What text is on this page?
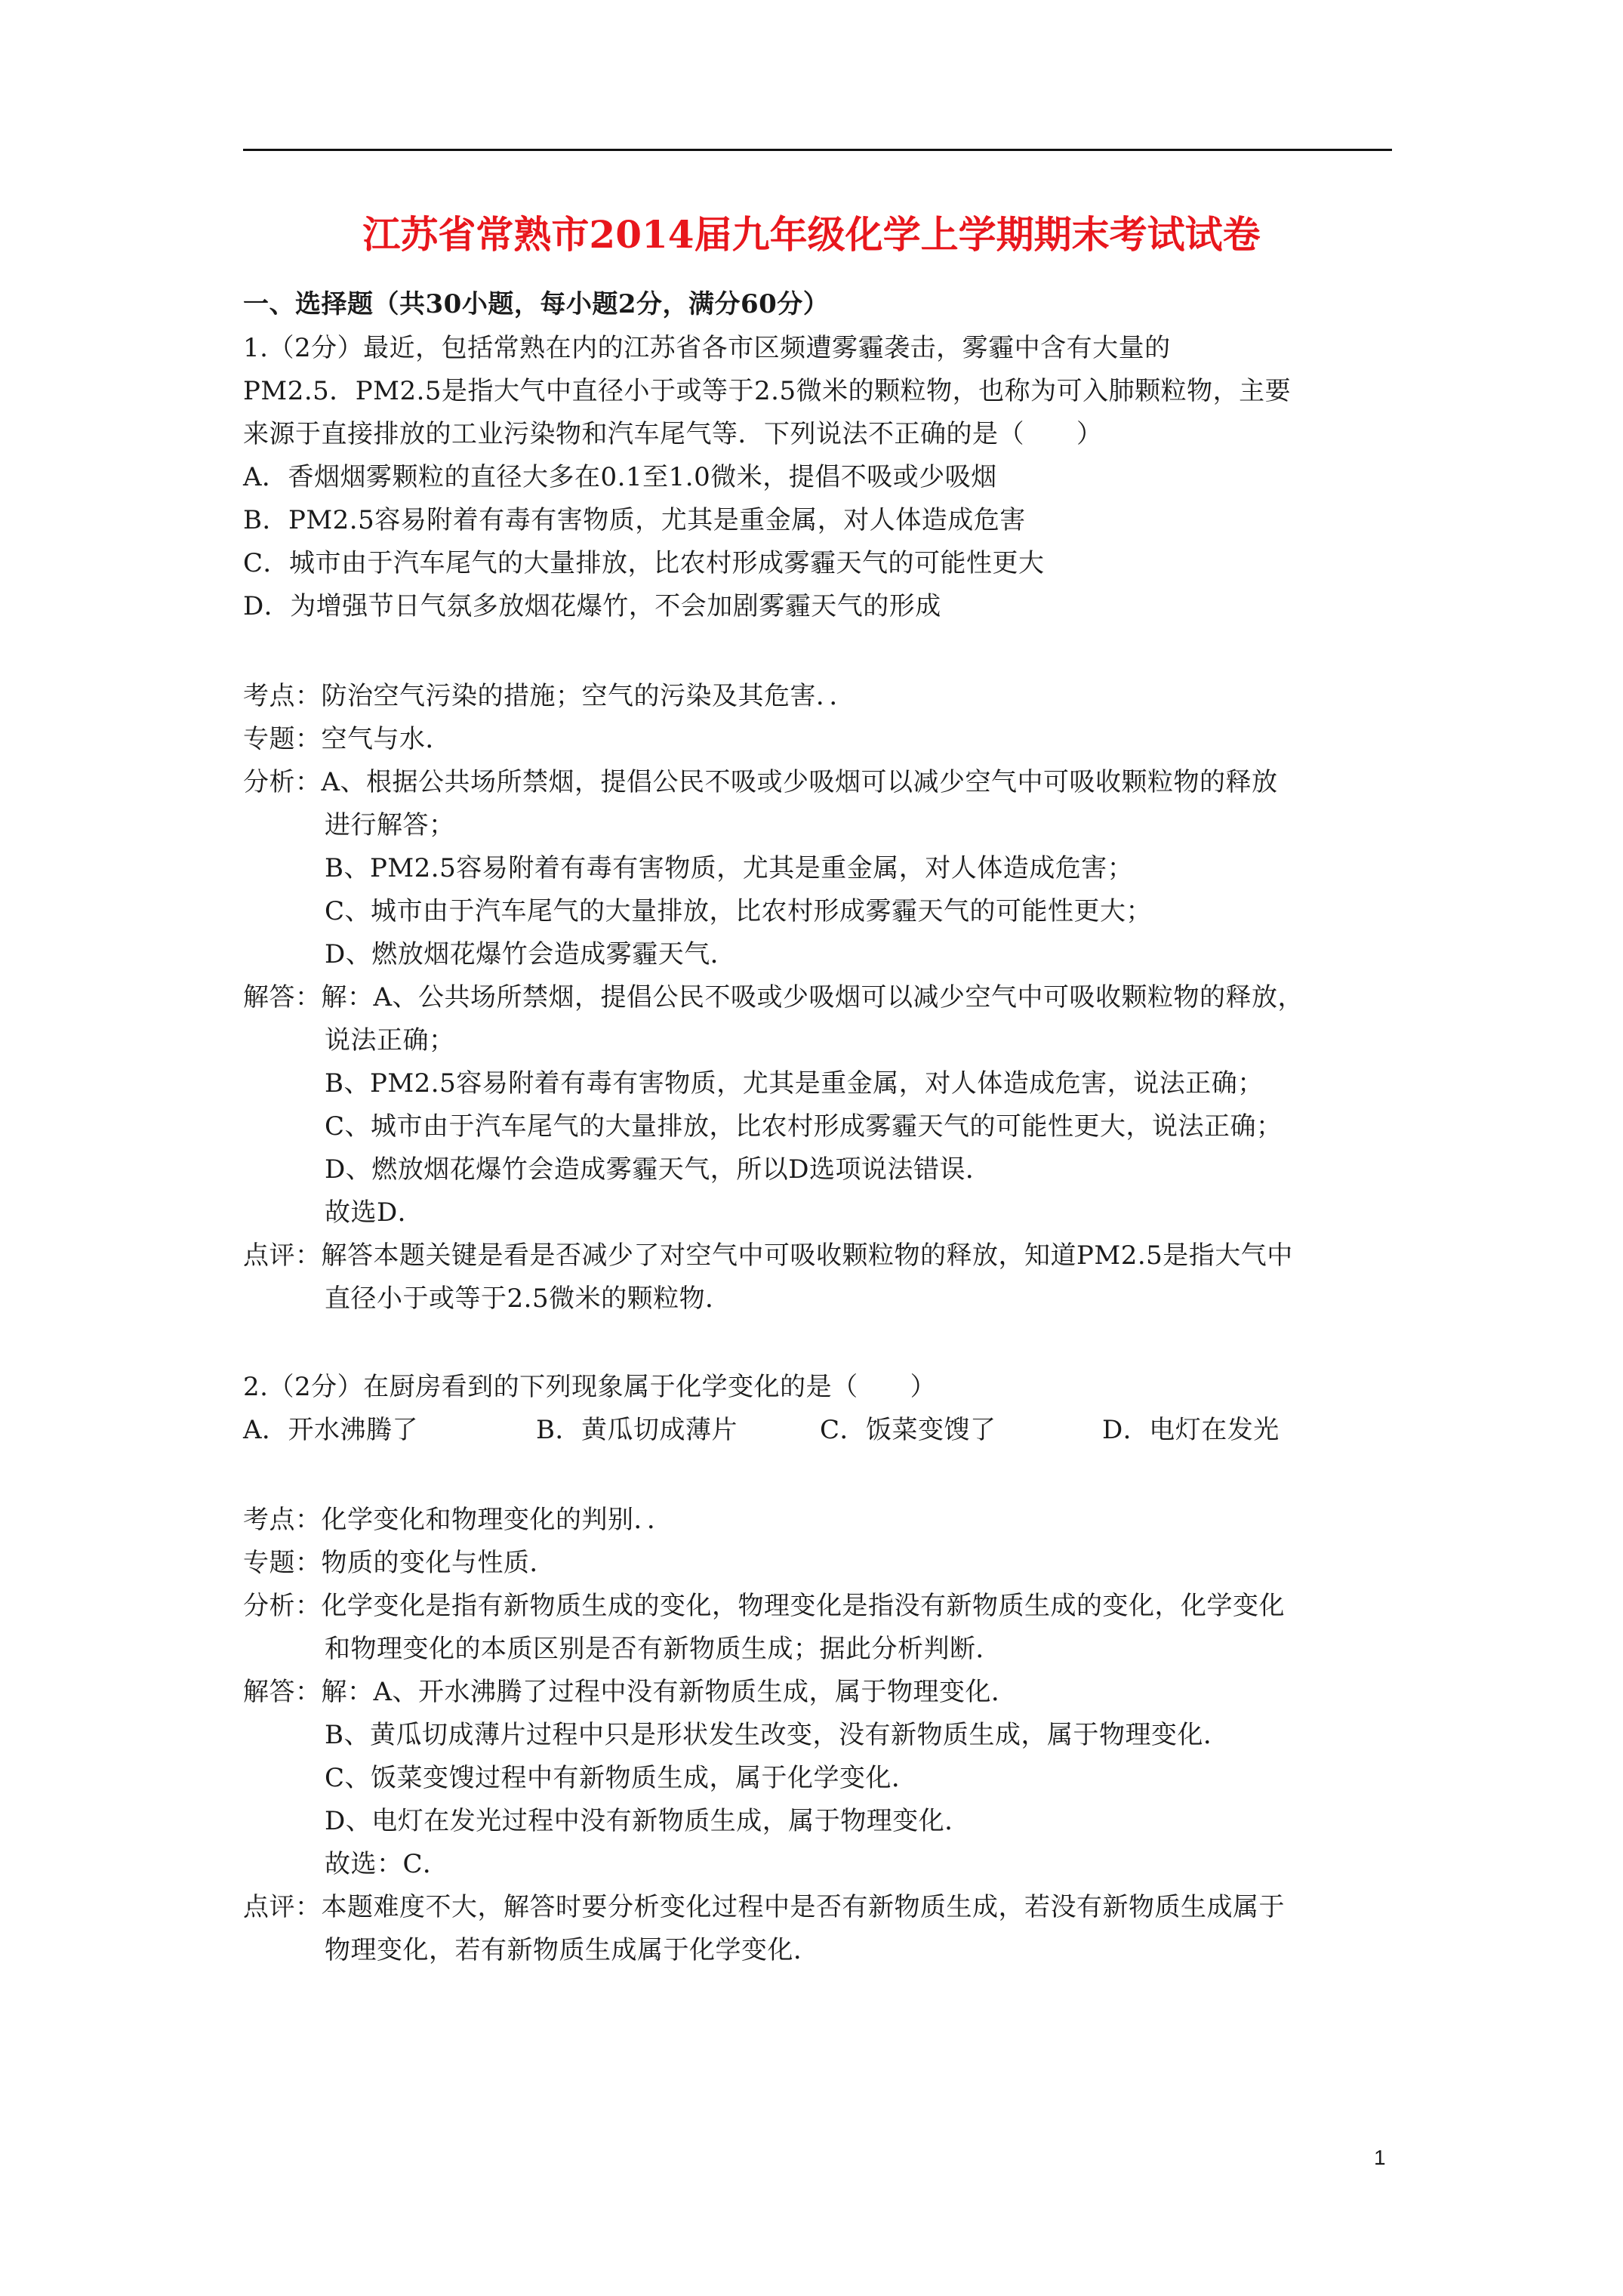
江苏省常熟市2014届九年级化学上学期期末考试试卷
一、选择题（共30小题，每小题2分，满分60分）
1.（2分）最近，包括常熟在内的江苏省各市区频遭雾霾袭击，雾霾中含有大量的
PM2.5．PM2.5是指大气中直径小于或等于2.5微米的颗粒物，也称为可入肺颗粒物，主要
来源于直接排放的工业污染物和汽车尾气等．下列说法不正确的是（　　）
A．香烟烟雾颗粒的直径大多在0.1至1.0微米，提倡不吸或少吸烟
B．PM2.5容易附着有毒有害物质，尤其是重金属，对人体造成危害
C．城市由于汽车尾气的大量排放，比农村形成雾霾天气的可能性更大
D．为增强节日气氛多放烟花爆竹，不会加剧雾霾天气的形成
考点：防治空气污染的措施；空气的污染及其危害．．
专题：空气与水．
分析：A、根据公共场所禁烟，提倡公民不吸或少吸烟可以减少空气中可吸收颗粒物的释放
进行解答；
B、PM2.5容易附着有毒有害物质，尤其是重金属，对人体造成危害；
C、城市由于汽车尾气的大量排放，比农村形成雾霾天气的可能性更大；
D、燃放烟花爆竹会造成雾霾天气．
解答：解：A、公共场所禁烟，提倡公民不吸或少吸烟可以减少空气中可吸收颗粒物的释放，
说法正确；
B、PM2.5容易附着有毒有害物质，尤其是重金属，对人体造成危害，说法正确；
C、城市由于汽车尾气的大量排放，比农村形成雾霾天气的可能性更大，说法正确；
D、燃放烟花爆竹会造成雾霾天气，所以D选项说法错误．
故选D．
点评：解答本题关键是看是否减少了对空气中可吸收颗粒物的释放，知道PM2.5是指大气中
直径小于或等于2.5微米的颗粒物．
2.（2分）在厨房看到的下列现象属于化学变化的是（　　）
A．开水沸腾了	B．黄瓜切成薄片	C．饭菜变馊了	D．电灯在发光
考点：化学变化和物理变化的判别．．
专题：物质的变化与性质．
分析：化学变化是指有新物质生成的变化，物理变化是指没有新物质生成的变化，化学变化
和物理变化的本质区别是否有新物质生成；据此分析判断．
解答：解：A、开水沸腾了过程中没有新物质生成，属于物理变化．
B、黄瓜切成薄片过程中只是形状发生改变，没有新物质生成，属于物理变化．
C、饭菜变馊过程中有新物质生成，属于化学变化．
D、电灯在发光过程中没有新物质生成，属于物理变化．
故选：C．
点评：本题难度不大，解答时要分析变化过程中是否有新物质生成，若没有新物质生成属于
物理变化，若有新物质生成属于化学变化．
1
